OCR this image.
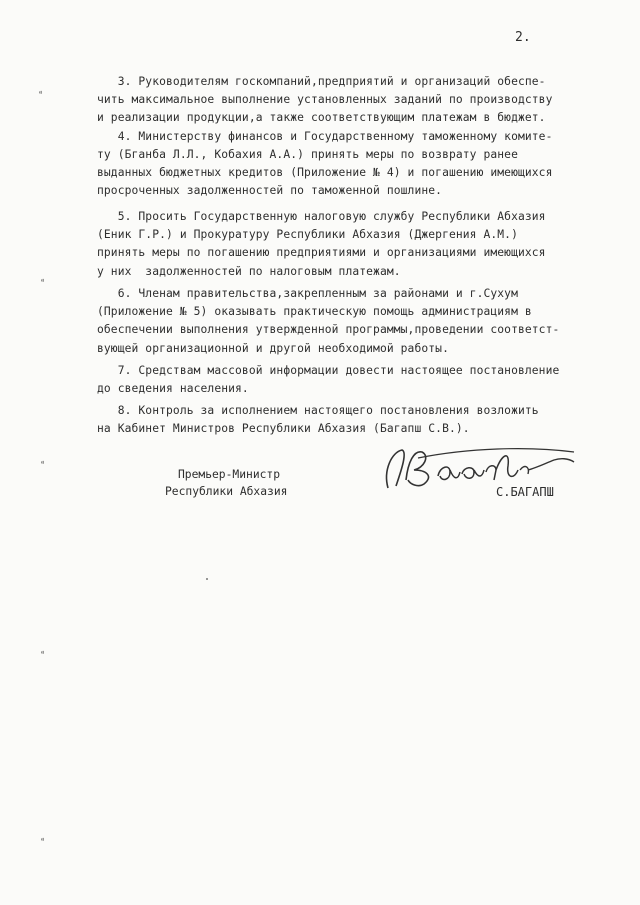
2.
3. Руководителям госкомпаний,предприятий и организаций обеспе-
чить максимальное выполнение установленных заданий по производству
и реализации продукции,а также соответствующим платежам в бюджет.
4. Министерству финансов и Государственному таможенному комите-
ту (Бганба Л.Л., Кобахия А.А.) принять меры по возврату ранее
выданных бюджетных кредитов (Приложение № 4) и погашению имеющихся
просроченных задолженностей по таможенной пошлине.
5. Просить Государственную налоговую службу Республики Абхазия
(Еник Г.Р.) и Прокуратуру Республики Абхазия (Джергения А.М.)
принять меры по погашению предприятиями и организациями имеющихся
у них  задолженностей по налоговым платежам.
6. Членам правительства,закрепленным за районами и г.Сухум
(Приложение № 5) оказывать практическую помощь администрациям в
обеспечении выполнения утвержденной программы,проведении соответст-
вующей организационной и другой необходимой работы.
7. Средствам массовой информации довести настоящее постановление
до сведения населения.
8. Контроль за исполнением настоящего постановления возложить
на Кабинет Министров Республики Абхазия (Багапш С.В.).
Премьер-Министр
Республики Абхазия	С.БАГАПШ
⁌
⁌
⁌
⁌
⁌
